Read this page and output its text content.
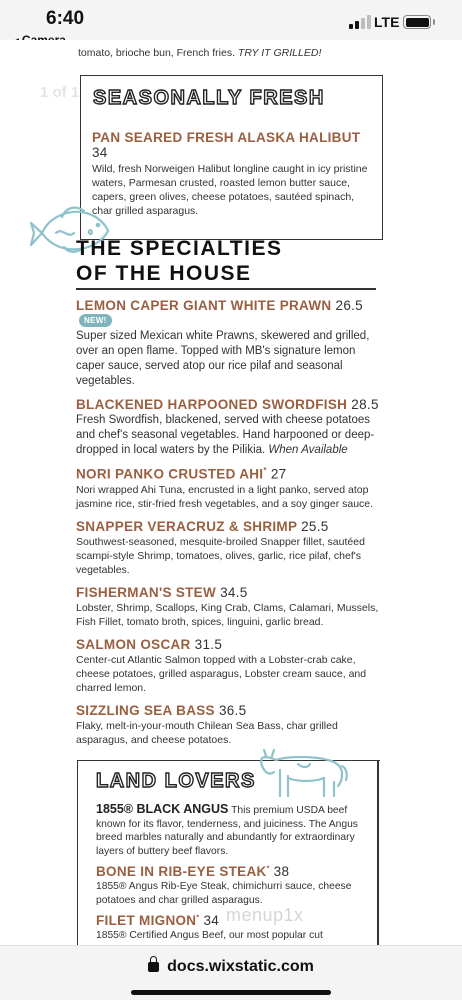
6:40	LTE
tomato, brioche bun, French fries. TRY IT GRILLED!
1 of 1 SEASONALLY FRESH
PAN SEARED FRESH ALASKA HALIBUT 34
Wild, fresh Norweigen Halibut longline caught in icy pristine waters, Parmesan crusted, roasted lemon butter sauce, capers, green olives, cheese potatoes, sautéed spinach, char grilled asparagus.
THE SPECIALTIES
OF THE HOUSE
LEMON CAPER GIANT WHITE PRAWN 26.5NEW!
Super sized Mexican white Prawns, skewered and grilled, over an open flame. Topped with MB's signature lemon caper sauce, served atop our rice pilaf and seasonal vegetables.
BLACKENED HARPOONED SWORDFISH 28.5
Fresh Swordfish, blackened, served with cheese potatoes and chef's seasonal vegetables. Hand harpooned or deep-dropped in local waters by the Pilikia. When Available
NORI PANKO CRUSTED AHI* 27
Nori wrapped Ahi Tuna, encrusted in a light panko, served atop jasmine rice, stir-fried fresh vegetables, and a soy ginger sauce.
SNAPPER VERACRUZ & SHRIMP 25.5
Southwest-seasoned, mesquite-broiled Snapper fillet, sautéed scampi-style Shrimp, tomatoes, olives, garlic, rice pilaf, chef's vegetables.
FISHERMAN'S STEW 34.5
Lobster, Shrimp, Scallops, King Crab, Clams, Calamari, Mussels, Fish Fillet, tomato broth, spices, linguini, garlic bread.
SALMON OSCAR 31.5
Center-cut Atlantic Salmon topped with a Lobster-crab cake, cheese potatoes, grilled asparagus, Lobster cream sauce, and charred lemon.
SIZZLING SEA BASS 36.5
Flaky, melt-in-your-mouth Chilean Sea Bass, char grilled asparagus, and cheese potatoes.
LAND LOVERS
1855® BLACK ANGUS This premium USDA beef known for its flavor, tenderness, and juiciness. The Angus breed marbles naturally and abundantly for extraordinary layers of buttery beef flavors.
BONE IN RIB-EYE STEAK* 38
1855® Angus Rib-Eye Steak, chimichurri sauce, cheese potatoes and char grilled asparagus.
FILET MIGNON* 34
1855® Certified Angus Beef, our most popular cut
menup1x
docs.wixstatic.com
